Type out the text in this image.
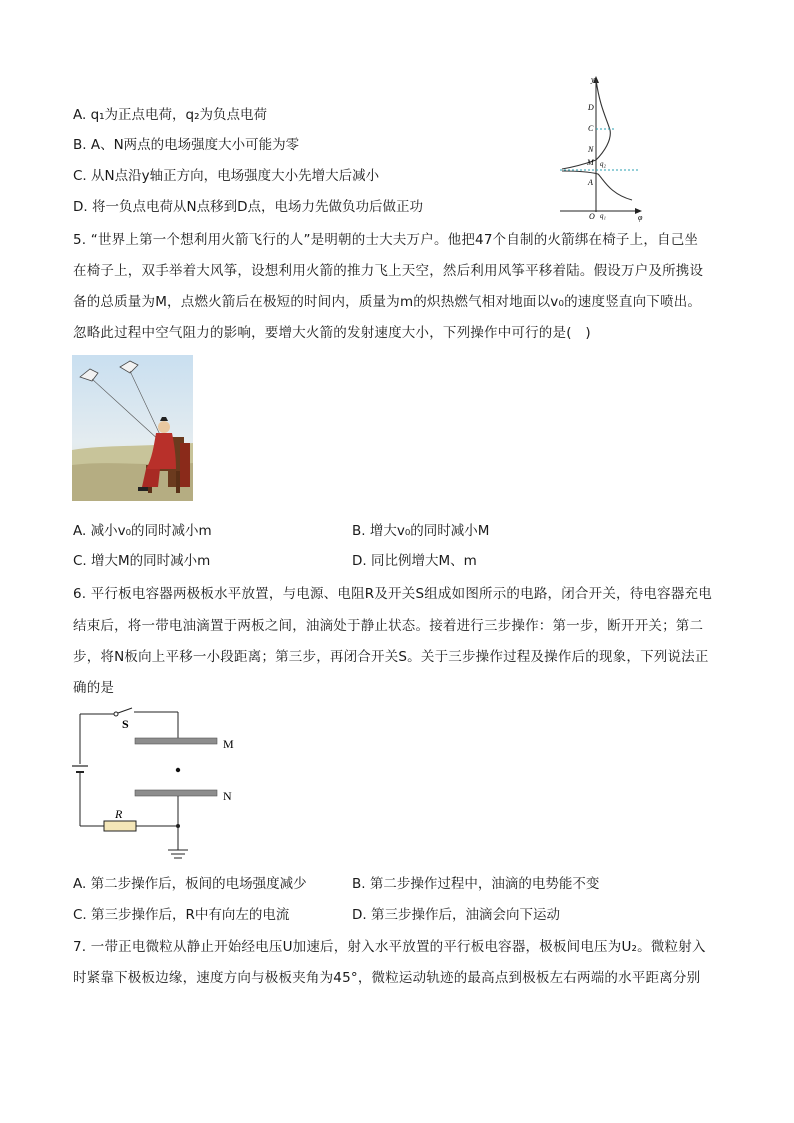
A. q₁为正点电荷，q₂为负点电荷
B. A、N两点的电场强度大小可能为零
C. 从N点沿y轴正方向，电场强度大小先增大后减小
D. 将一负点电荷从N点移到D点，电场力先做负功后做正功
y
D
C
N
M q₂
A
O q₁	φ
5. “世界上第一个想利用火箭飞行的人”是明朝的士大夫万户。他把47个自制的火箭绑在椅子上，自己坐
在椅子上，双手举着大风筝，设想利用火箭的推力飞上天空，然后利用风筝平移着陆。假设万户及所携设
备的总质量为M，点燃火箭后在极短的时间内，质量为m的炽热燃气相对地面以v₀的速度竖直向下喷出。
忽略此过程中空气阻力的影响，要增大火箭的发射速度大小，下列操作中可行的是(　)
A. 减小v₀的同时减小m	B. 增大v₀的同时减小M
C. 增大M的同时减小m	D. 同比例增大M、m
6. 平行板电容器两极板水平放置，与电源、电阻R及开关S组成如图所示的电路，闭合开关，待电容器充电
结束后，将一带电油滴置于两板之间，油滴处于静止状态。接着进行三步操作：第一步，断开开关；第二
步，将N板向上平移一小段距离；第三步，再闭合开关S。关于三步操作过程及操作后的现象，下列说法正
确的是
S
M
N
R
A. 第二步操作后，板间的电场强度减少	B. 第二步操作过程中，油滴的电势能不变
C. 第三步操作后，R中有向左的电流	D. 第三步操作后，油滴会向下运动
7. 一带正电微粒从静止开始经电压U加速后，射入水平放置的平行板电容器，极板间电压为U₂。微粒射入
时紧靠下极板边缘，速度方向与极板夹角为45°，微粒运动轨迹的最高点到极板左右两端的水平距离分别
